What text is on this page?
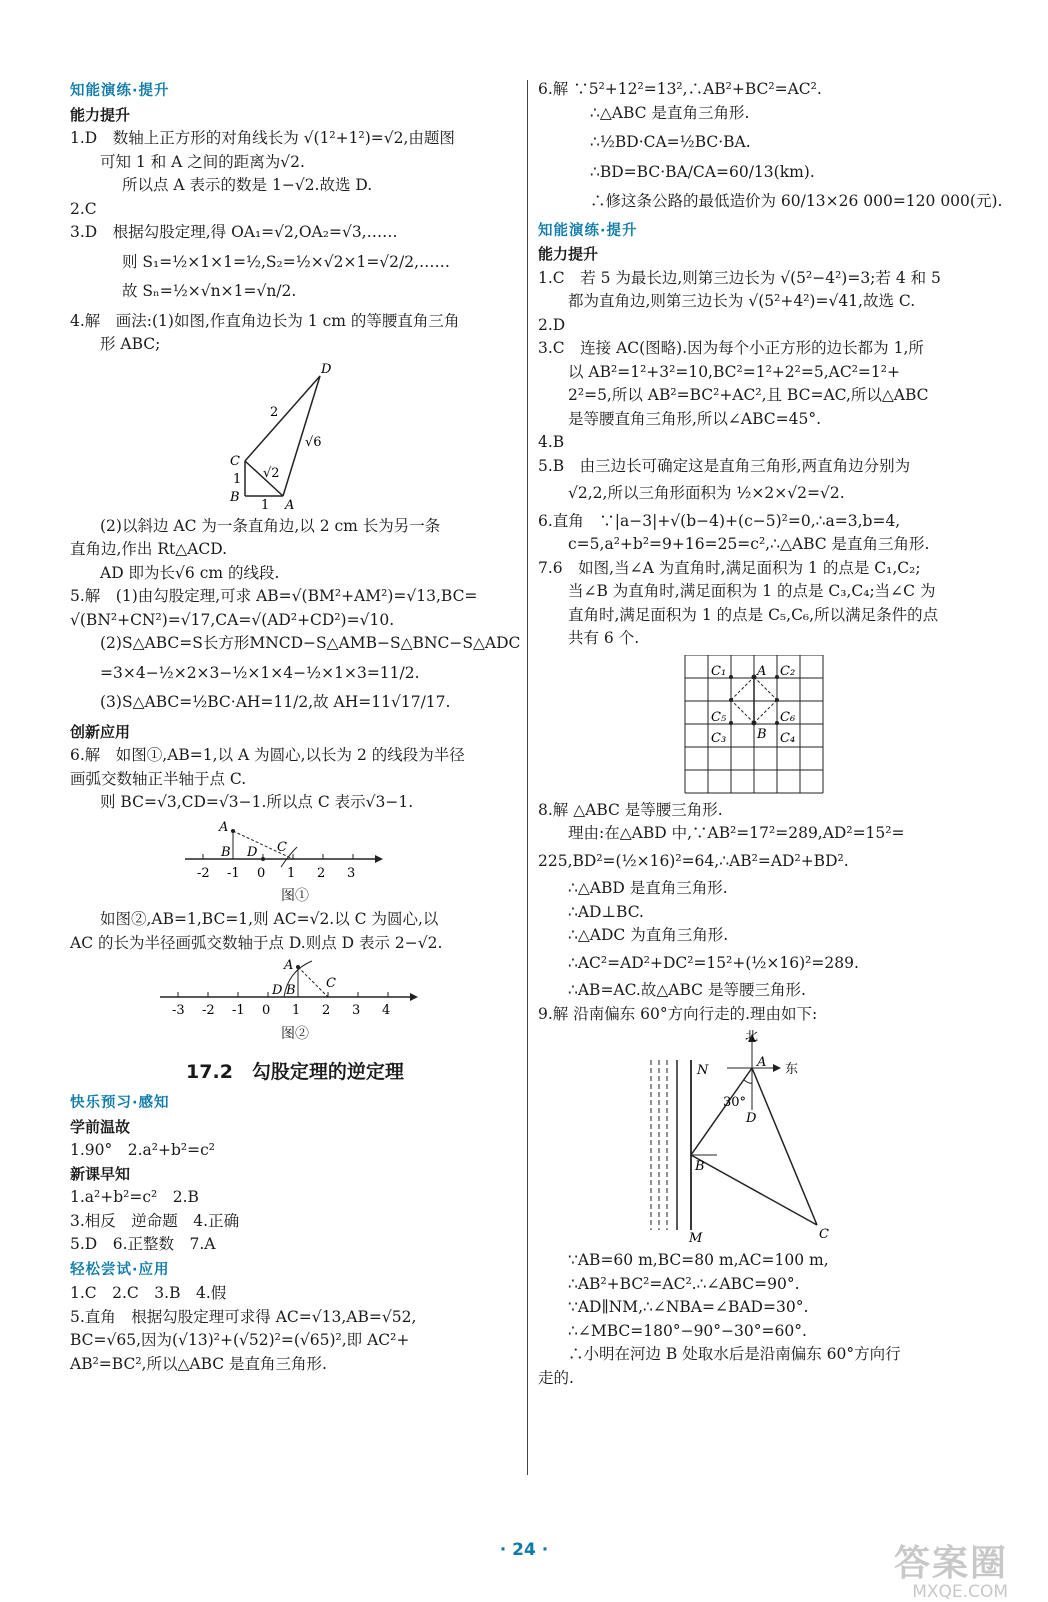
知能演练·提升
能力提升
1.D　数轴上正方形的对角线长为 √(1²+1²)=√2,由题图
可知 1 和 A 之间的距离为√2.
所以点 A 表示的数是 1−√2.故选 D.
2.C
3.D　根据勾股定理,得 OA₁=√2,OA₂=√3,……
则 S₁=½×1×1=½,S₂=½×√2×1=√2/2,……
故 Sₙ=½×√n×1=√n/2.
4.解　画法:(1)如图,作直角边长为 1 cm 的等腰直角三角
形 ABC;
D
C
B
A
2
√2
√6
1
1
(2)以斜边 AC 为一条直角边,以 2 cm 长为另一条
直角边,作出 Rt△ACD.
AD 即为长√6 cm 的线段.
5.解　(1)由勾股定理,可求 AB=√(BM²+AM²)=√13,BC=
√(BN²+CN²)=√17,CA=√(AD²+CD²)=√10.
(2)S△ABC=S长方形MNCD−S△AMB−S△BNC−S△ADC
=3×4−½×2×3−½×1×4−½×1×3=11/2.
(3)S△ABC=½BC·AH=11/2,故 AH=11√17/17.
创新应用
6.解　如图①,AB=1,以 A 为圆心,以长为 2 的线段为半径
画弧交数轴正半轴于点 C.
则 BC=√3,CD=√3−1.所以点 C 表示√3−1.
A
B D C
-2 -1 0 1 2 3
图①
如图②,AB=1,BC=1,则 AC=√2.以 C 为圆心,以
AC 的长为半径画弧交数轴于点 D.则点 D 表示 2−√2.
A
D B C
-3 -2 -1 0 1 2 3 4
图②
17.2　勾股定理的逆定理
快乐预习·感知
学前温故
1.90°　2.a²+b²=c²
新课早知
1.a²+b²=c²　2.B
3.相反　逆命题　4.正确
5.D　6.正整数　7.A
轻松尝试·应用
1.C　2.C　3.B　4.假
5.直角　根据勾股定理可求得 AC=√13,AB=√52,
BC=√65,因为(√13)²+(√52)²=(√65)²,即 AC²+
AB²=BC²,所以△ABC 是直角三角形.
6.解 ∵5²+12²=13²,∴AB²+BC²=AC².
∴△ABC 是直角三角形.
∴½BD·CA=½BC·BA.
∴BD=BC·BA/CA=60/13(km).
∴修这条公路的最低造价为 60/13×26 000=120 000(元).
知能演练·提升
能力提升
1.C　若 5 为最长边,则第三边长为 √(5²−4²)=3;若 4 和 5
都为直角边,则第三边长为 √(5²+4²)=√41,故选 C.
2.D
3.C　连接 AC(图略).因为每个小正方形的边长都为 1,所
以 AB²=1²+3²=10,BC²=1²+2²=5,AC²=1²+
2²=5,所以 AB²=BC²+AC²,且 BC=AC,所以△ABC
是等腰直角三角形,所以∠ABC=45°.
4.B
5.B　由三边长可确定这是直角三角形,两直角边分别为
√2,2,所以三角形面积为 ½×2×√2=√2.
6.直角　∵|a−3|+√(b−4)+(c−5)²=0,∴a=3,b=4,
c=5,a²+b²=9+16=25=c²,∴△ABC 是直角三角形.
7.6　如图,当∠A 为直角时,满足面积为 1 的点是 C₁,C₂;
当∠B 为直角时,满足面积为 1 的点是 C₃,C₄;当∠C 为
直角时,满足面积为 1 的点是 C₅,C₆,所以满足条件的点
共有 6 个.
A
B
C₁	C₂
C₅	C₆
C₃	C₄
8.解 △ABC 是等腰三角形.
理由:在△ABD 中,∵AB²=17²=289,AD²=15²=
225,BD²=(½×16)²=64,∴AB²=AD²+BD².
∴△ABD 是直角三角形.
∴AD⊥BC.
∴△ADC 为直角三角形.
∴AC²=AD²+DC²=15²+(½×16)²=289.
∴AB=AC.故△ABC 是等腰三角形.
9.解 沿南偏东 60°方向行走的.理由如下:
北
东
A
N
D
B
M	C
30°
∵AB=60 m,BC=80 m,AC=100 m,
∴AB²+BC²=AC².∴∠ABC=90°.
∵AD∥NM,∴∠NBA=∠BAD=30°.
∴∠MBC=180°−90°−30°=60°.
∴小明在河边 B 处取水后是沿南偏东 60°方向行
走的.
· 24 ·	答案圈
MXQE.COM
